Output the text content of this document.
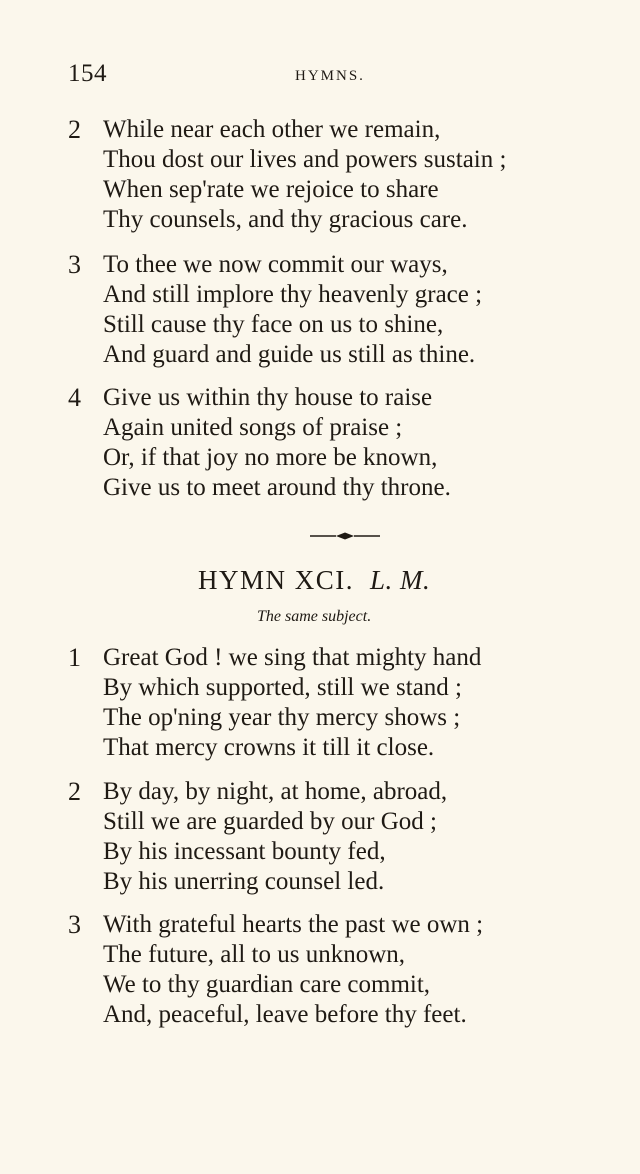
154	HYMNS.
2 While near each other we remain,
Thou dost our lives and powers sustain ;
When sep'rate we rejoice to share
Thy counsels, and thy gracious care.
3 To thee we now commit our ways,
And still implore thy heavenly grace ;
Still cause thy face on us to shine,
And guard and guide us still as thine.
4 Give us within thy house to raise
Again united songs of praise ;
Or, if that joy no more be known,
Give us to meet around thy throne.
HYMN XCI. L. M.
The same subject.
1 Great God ! we sing that mighty hand
By which supported, still we stand ;
The op'ning year thy mercy shows ;
That mercy crowns it till it close.
2 By day, by night, at home, abroad,
Still we are guarded by our God ;
By his incessant bounty fed,
By his unerring counsel led.
3 With grateful hearts the past we own ;
The future, all to us unknown,
We to thy guardian care commit,
And, peaceful, leave before thy feet.
